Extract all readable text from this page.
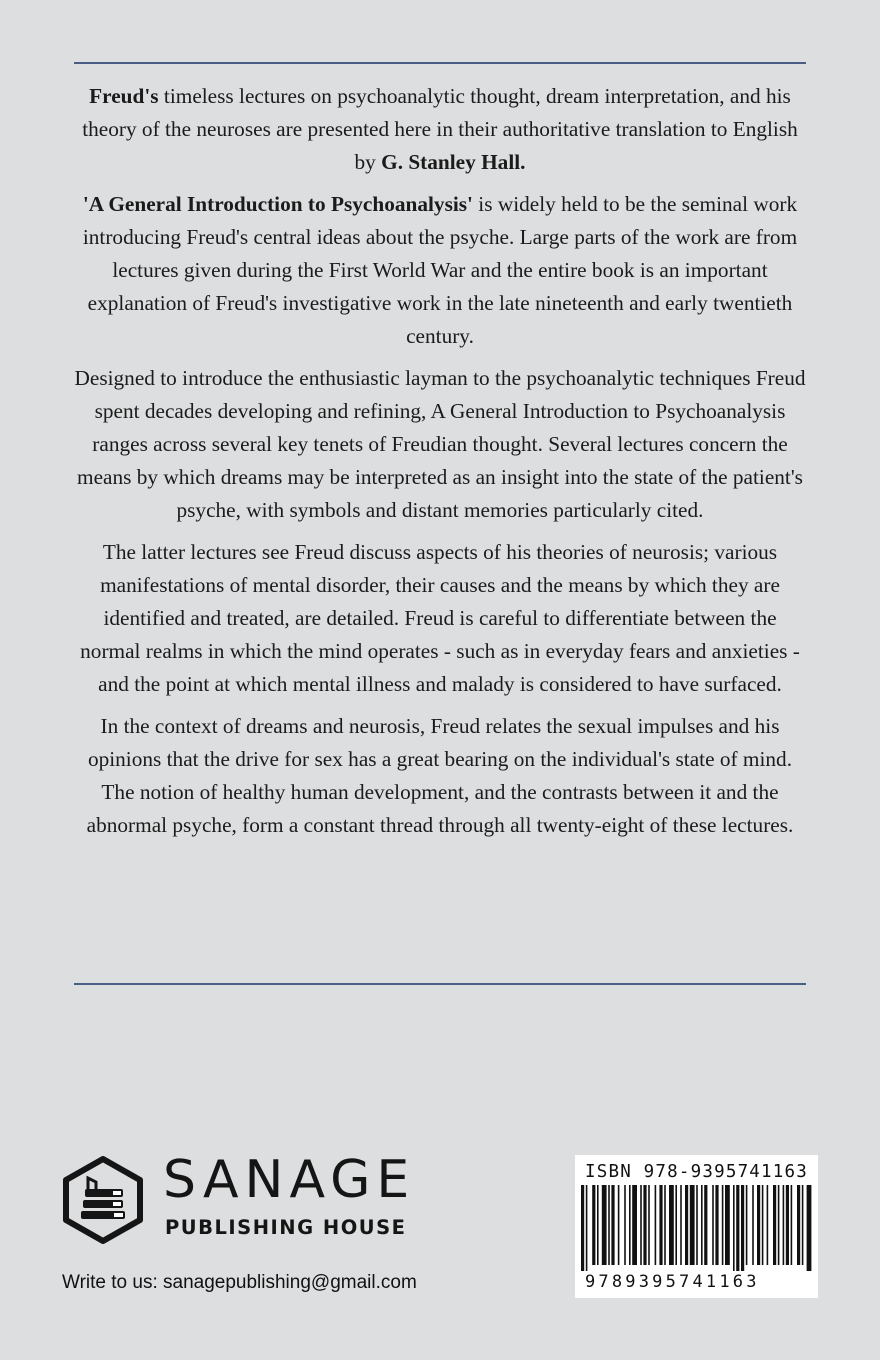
Freud's timeless lectures on psychoanalytic thought, dream interpretation, and his theory of the neuroses are presented here in their authoritative translation to English by G. Stanley Hall.

'A General Introduction to Psychoanalysis' is widely held to be the seminal work introducing Freud's central ideas about the psyche. Large parts of the work are from lectures given during the First World War and the entire book is an important explanation of Freud's investigative work in the late nineteenth and early twentieth century.

Designed to introduce the enthusiastic layman to the psychoanalytic techniques Freud spent decades developing and refining, A General Introduction to Psychoanalysis ranges across several key tenets of Freudian thought. Several lectures concern the means by which dreams may be interpreted as an insight into the state of the patient's psyche, with symbols and distant memories particularly cited.

The latter lectures see Freud discuss aspects of his theories of neurosis; various manifestations of mental disorder, their causes and the means by which they are identified and treated, are detailed. Freud is careful to differentiate between the normal realms in which the mind operates - such as in everyday fears and anxieties - and the point at which mental illness and malady is considered to have surfaced.

In the context of dreams and neurosis, Freud relates the sexual impulses and his opinions that the drive for sex has a great bearing on the individual's state of mind. The notion of healthy human development, and the contrasts between it and the abnormal psyche, form a constant thread through all twenty-eight of these lectures.

SANAGE
PUBLISHING HOUSE
Write to us: sanagepublishing@gmail.com
ISBN 978-9395741163
9789395741163
